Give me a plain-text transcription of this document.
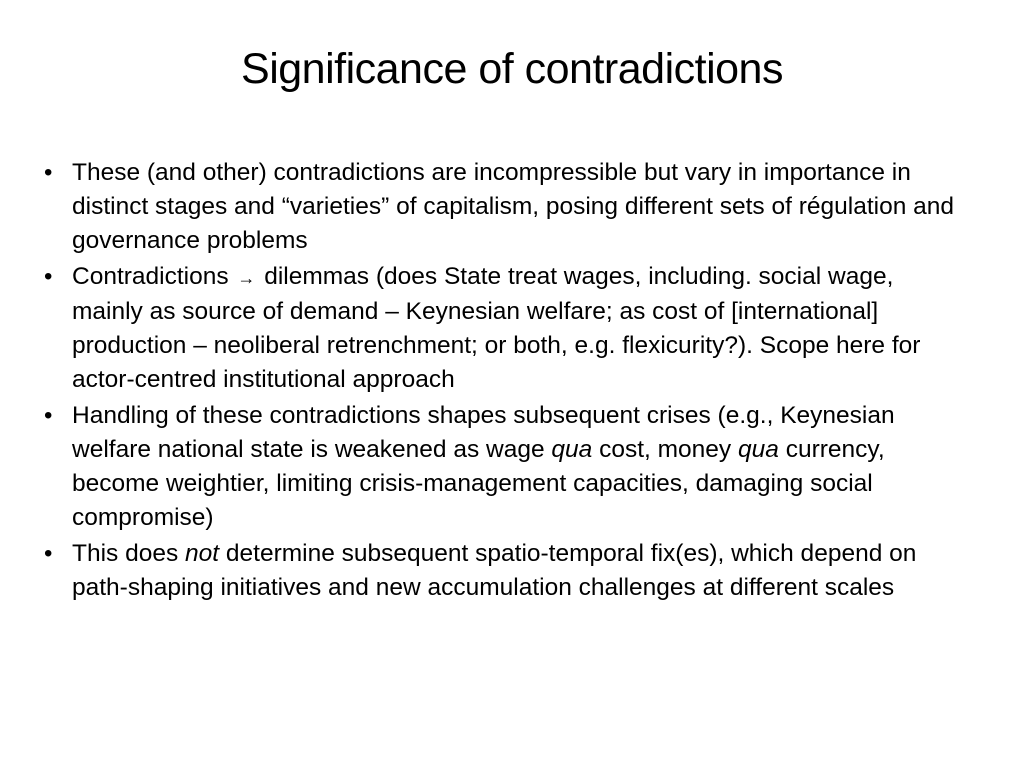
Significance of contradictions
• These (and other) contradictions are incompressible but vary in importance in distinct stages and “varieties” of capitalism, posing different sets of régulation and governance problems
• Contradictions → dilemmas (does State treat wages, including. social wage, mainly as source of demand – Keynesian welfare; as cost of [international] production – neoliberal retrenchment; or both, e.g. flexicurity?). Scope here for actor-centred institutional approach
• Handling of these contradictions shapes subsequent crises (e.g., Keynesian welfare national state is weakened as wage qua cost, money qua currency, become weightier, limiting crisis-management capacities, damaging social compromise)
• This does not determine subsequent spatio-temporal fix(es), which depend on path-shaping initiatives and new accumulation challenges at different scales
